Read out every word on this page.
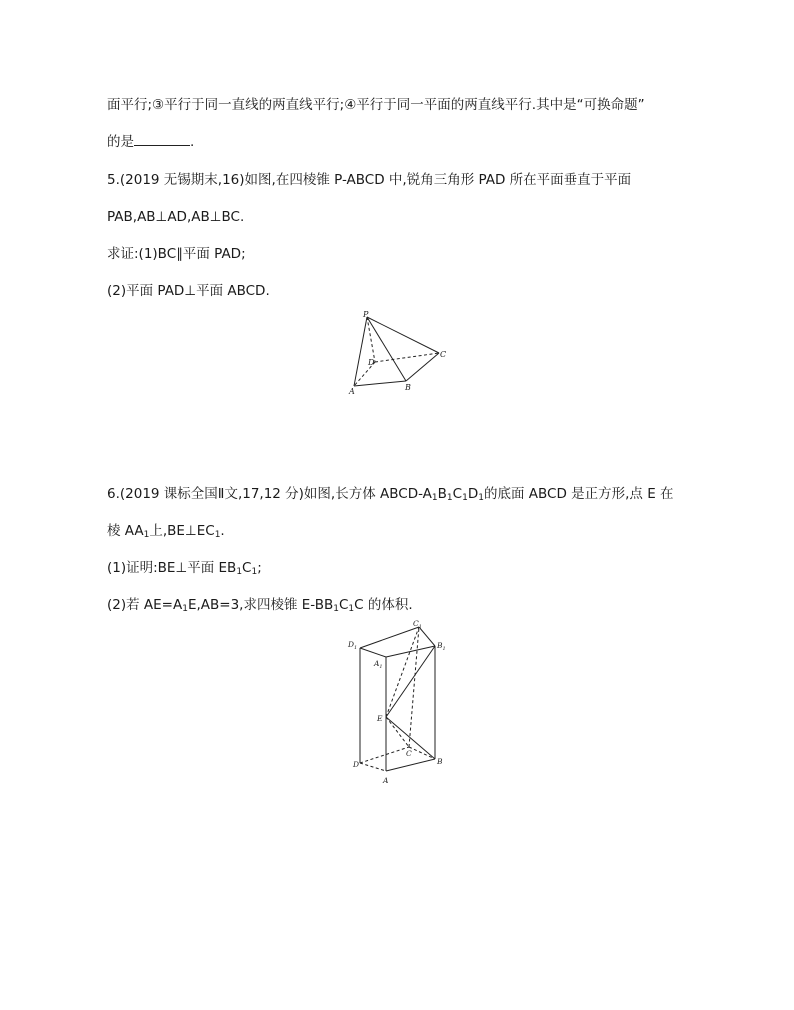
面平行;③平行于同一直线的两直线平行;④平行于同一平面的两直线平行.其中是“可换命题”
的是	.
5.(2019 无锡期末,16)如图,在四棱锥 P-ABCD 中,锐角三角形 PAD 所在平面垂直于平面
PAB,AB⊥AD,AB⊥BC.
求证:(1)BC∥平面 PAD;
(2)平面 PAD⊥平面 ABCD.
P
D
C
A	B
6.(2019 课标全国Ⅱ文,17,12 分)如图,长方体 ABCD-$A_1B_1C_1D_1$的底面 ABCD 是正方形,点 E 在
棱 $AA_1$上$,BE\perp EC_1$.
(1)证明:BE⊥平面 $EB_1C_1$;
(2)若 $AE=A_1E,AB=3$,求四棱锥 $E-BB_1C_1C$ 的体积.
$D_1$
$A_1$
$C_1$
$B_1$
E
C
D	B
A
